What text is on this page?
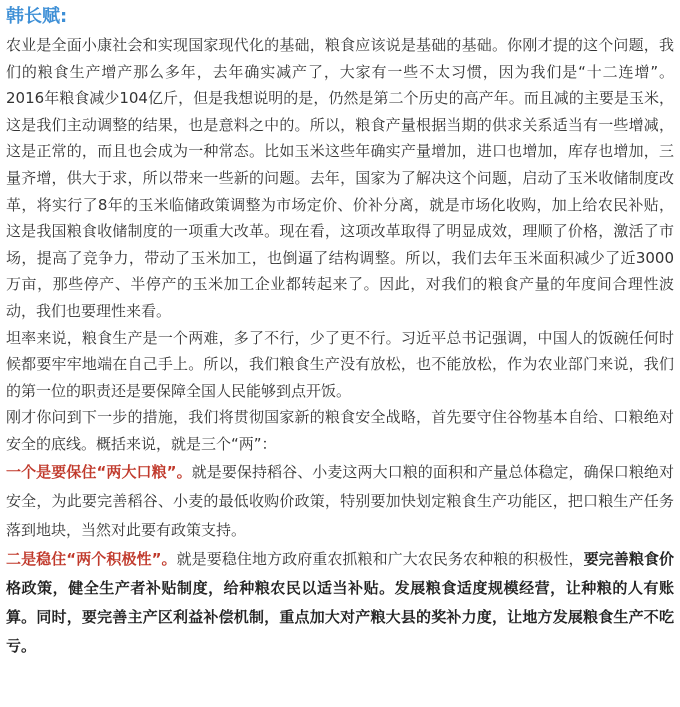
韩长赋:

农业是全面小康社会和实现国家现代化的基础，粮食应该说是基础的基础。你刚才提的这个问题，我们的粮食生产增产那么多年，去年确实减产了，大家有一些不太习惯，因为我们是“十二连增”。2016年粮食减少104亿斤，但是我想说明的是，仍然是第二个历史的高产年。而且减的主要是玉米，这是我们主动调整的结果，也是意料之中的。所以，粮食产量根据当期的供求关系适当有一些增减，这是正常的，而且也会成为一种常态。比如玉米这些年确实产量增加，进口也增加，库存也增加，三量齐增，供大于求，所以带来一些新的问题。去年，国家为了解决这个问题，启动了玉米收储制度改革，将实行了8年的玉米临储政策调整为市场定价、价补分离，就是市场化收购，加上给农民补贴，这是我国粮食收储制度的一项重大改革。现在看，这项改革取得了明显成效，理顺了价格，激活了市场，提高了竞争力，带动了玉米加工，也倒逼了结构调整。所以，我们去年玉米面积减少了近3000万亩，那些停产、半停产的玉米加工企业都转起来了。因此，对我们的粮食产量的年度间合理性波动，我们也要理性来看。

坦率来说，粮食生产是一个两难，多了不行，少了更不行。习近平总书记强调，中国人的饭碗任何时候都要牢牢地端在自己手上。所以，我们粮食生产没有放松，也不能放松，作为农业部门来说，我们的第一位的职责还是要保障全国人民能够到点开饭。

刚才你问到下一步的措施，我们将贯彻国家新的粮食安全战略，首先要守住谷物基本自给、口粮绝对安全的底线。概括来说，就是三个“两”：

一个是要保住“两大口粮”。就是要保持稻谷、小麦这两大口粮的面积和产量总体稳定，确保口粮绝对安全，为此要完善稻谷、小麦的最低收购价政策，特别要加快划定粮食生产功能区，把口粮生产任务落到地块，当然对此要有政策支持。

二是稳住“两个积极性”。就是要稳住地方政府重农抓粮和广大农民务农种粮的积极性，要完善粮食价格政策，健全生产者补贴制度，给种粮农民以适当补贴。发展粮食适度规模经营，让种粮的人有账算。同时，要完善主产区利益补偿机制，重点加大对产粮大县的奖补力度，让地方发展粮食生产不吃亏。
